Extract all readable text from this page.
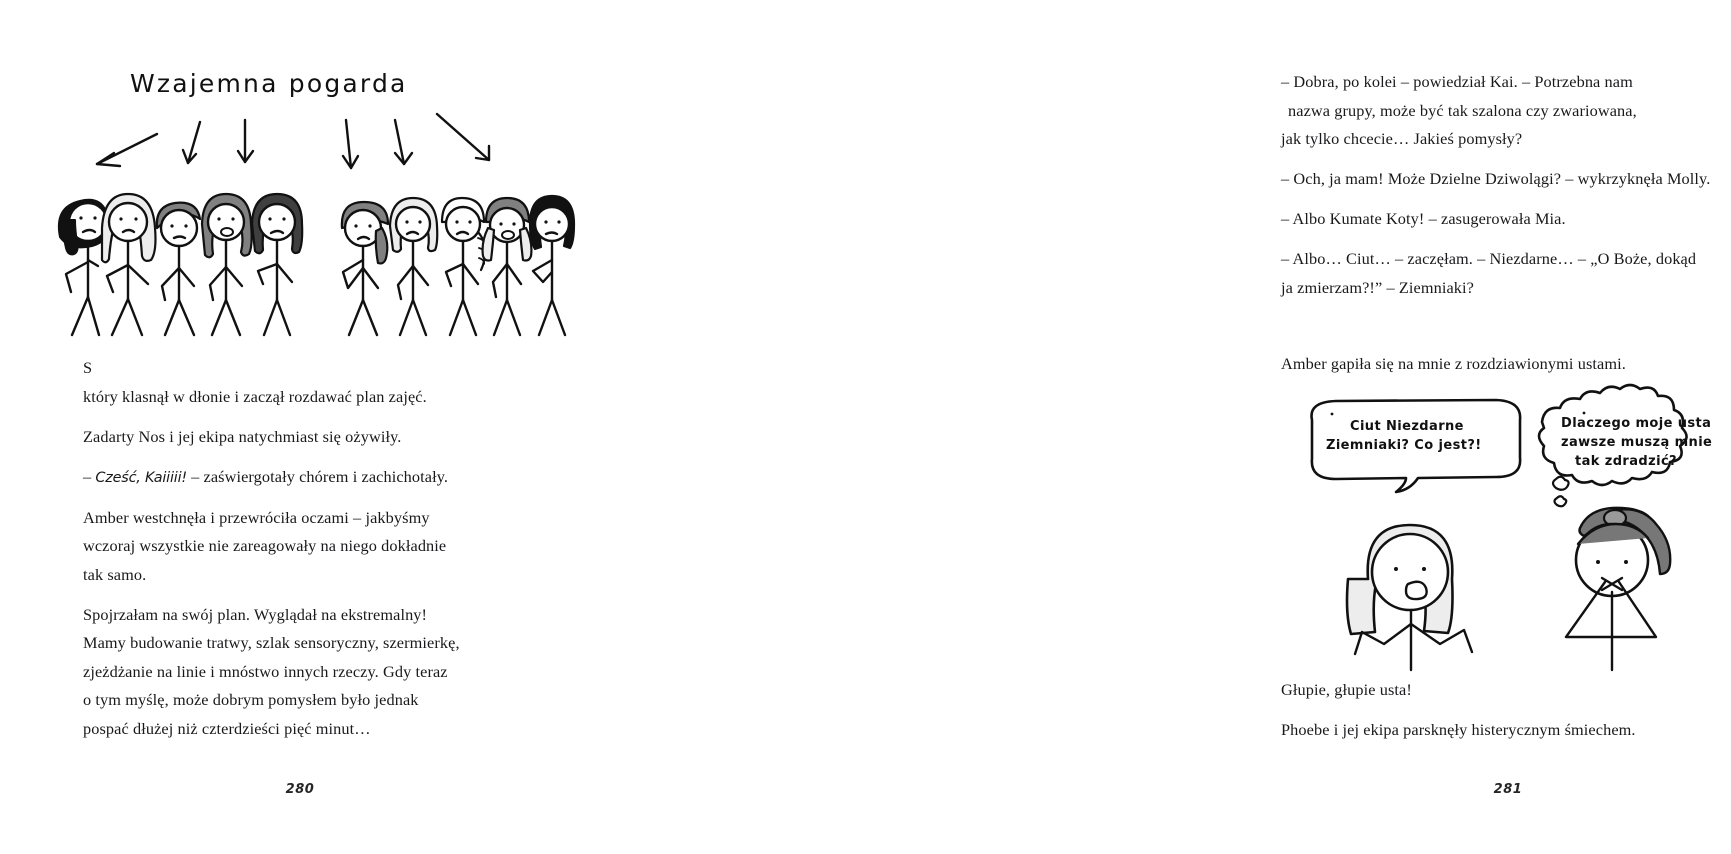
Wzajemna pogarda

S
który klasnął w dłonie i zaczął rozdawać plan zajęć.

Zadarty Nos i jej ekipa natychmiast się ożywiły.

– Cześć, Kaiiiii! – zaświergotały chórem i zachichotały.

Amber westchnęła i przewróciła oczami – jakbyśmy
wczoraj wszystkie nie zareagowały na niego dokładnie
tak samo.

Spojrzałam na swój plan. Wyglądał na ekstremalny!
Mamy budowanie tratwy, szlak sensoryczny, szermierkę,
zjeżdżanie na linie i mnóstwo innych rzeczy. Gdy teraz
o tym myślę, może dobrym pomysłem było jednak
pospać dłużej niż czterdzieści pięć minut…

280

– Dobra, po kolei – powiedział Kai. – Potrzebna nam
nazwa grupy, może być tak szalona czy zwariowana,
jak tylko chcecie… Jakieś pomysły?

– Och, ja mam! Może Dzielne Dziwolągi? – wykrzyknęła Molly.

– Albo Kumate Koty! – zasugerowała Mia.

– Albo… Ciut… – zaczęłam. – Niezdarne… – „O Boże, dokąd
ja zmierzam?!” – Ziemniaki?

Amber gapiła się na mnie z rozdziawionymi ustami.

Ciut Niezdarne
Ziemniaki? Co jest?!
Dlaczego moje usta
zawsze muszą mnie
tak zdradzić?

Głupie, głupie usta!

Phoebe i jej ekipa parsknęły histerycznym śmiechem.

281
